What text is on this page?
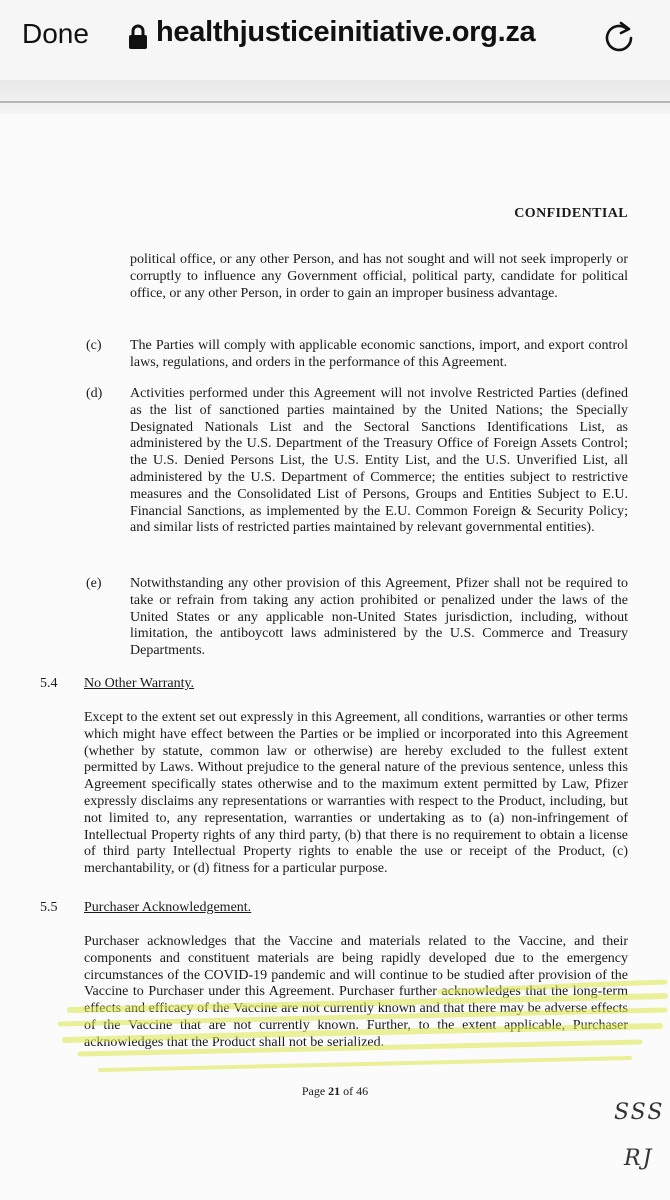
Done healthjusticeinitiative.org.za
CONFIDENTIAL

political office, or any other Person, and has not sought and will not seek improperly or corruptly to influence any Government official, political party, candidate for political office, or any other Person, in order to gain an improper business advantage.

(c) The Parties will comply with applicable economic sanctions, import, and export control laws, regulations, and orders in the performance of this Agreement.

(d) Activities performed under this Agreement will not involve Restricted Parties (defined as the list of sanctioned parties maintained by the United Nations; the Specially Designated Nationals List and the Sectoral Sanctions Identifications List, as administered by the U.S. Department of the Treasury Office of Foreign Assets Control; the U.S. Denied Persons List, the U.S. Entity List, and the U.S. Unverified List, all administered by the U.S. Department of Commerce; the entities subject to restrictive measures and the Consolidated List of Persons, Groups and Entities Subject to E.U. Financial Sanctions, as implemented by the E.U. Common Foreign & Security Policy; and similar lists of restricted parties maintained by relevant governmental entities).

(e) Notwithstanding any other provision of this Agreement, Pfizer shall not be required to take or refrain from taking any action prohibited or penalized under the laws of the United States or any applicable non-United States jurisdiction, including, without limitation, the antiboycott laws administered by the U.S. Commerce and Treasury Departments.

5.4 No Other Warranty.

Except to the extent set out expressly in this Agreement, all conditions, warranties or other terms which might have effect between the Parties or be implied or incorporated into this Agreement (whether by statute, common law or otherwise) are hereby excluded to the fullest extent permitted by Laws. Without prejudice to the general nature of the previous sentence, unless this Agreement specifically states otherwise and to the maximum extent permitted by Law, Pfizer expressly disclaims any representations or warranties with respect to the Product, including, but not limited to, any representation, warranties or undertaking as to (a) non-infringement of Intellectual Property rights of any third party, (b) that there is no requirement to obtain a license of third party Intellectual Property rights to enable the use or receipt of the Product, (c) merchantability, or (d) fitness for a particular purpose.

5.5 Purchaser Acknowledgement.

Purchaser acknowledges that the Vaccine and materials related to the Vaccine, and their components and constituent materials are being rapidly developed due to the emergency circumstances of the COVID-19 pandemic and will continue to be studied after provision of the Vaccine to Purchaser under this Agreement. Purchaser further acknowledges that the long-term effects and efficacy of the Vaccine are not currently known and that there may be adverse effects of the Vaccine that are not currently known. Further, to the extent applicable, Purchaser acknowledges that the Product shall not be serialized.

Page 21 of 46
SSS
RJ
